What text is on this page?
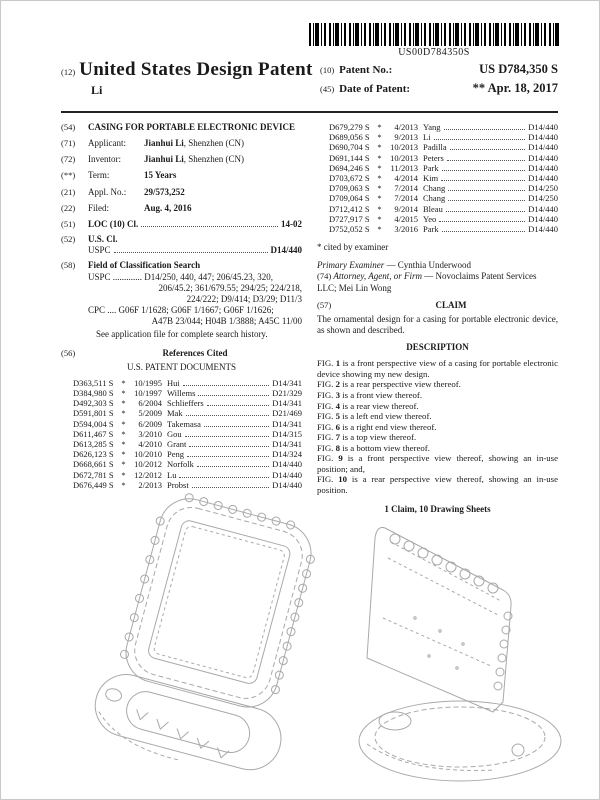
US00D784350S
(12) United States Design Patent
Li
(10) Patent No.:	US D784,350 S
(45) Date of Patent:	** Apr. 18, 2017
(54)	CASING FOR PORTABLE ELECTRONIC DEVICE
(71)	Applicant: Jianhui Li, Shenzhen (CN)
(72)	Inventor:	Jianhui Li, Shenzhen (CN)
(**)	Term:	15 Years
(21)	Appl. No.: 29/573,252
(22)	Filed:	Aug. 4, 2016
(51)	LOC (10) Cl.	14-02
(52)	U.S. Cl.
USPC	D14/440
(58)	Field of Classification Search
USPC ............. D14/250, 440, 447; 206/45.23, 320,
206/45.2; 361/679.55; 294/25; 224/218,
224/222; D9/414; D3/29; D11/3
CPC .... G06F 1/1628; G06F 1/1667; G06F 1/1626;
A47B 23/044; H04B 1/3888; A45C 11/00
See application file for complete search history.
(56)	References Cited
U.S. PATENT DOCUMENTS
D363,511 S *	10/1995 Hui	D14/341
D384,980 S *	10/1997 Willems	D21/329
D492,303 S *	6/2004 Schlieffers	D14/341
D591,801 S *	5/2009 Mak	D21/469
D594,004 S *	6/2009 Takemasa	D14/341
D611,467 S *	3/2010 Gou	D14/315
D613,285 S *	4/2010 Grant	D14/341
D626,123 S *	10/2010 Peng	D14/324
D668,661 S *	10/2012 Norfolk	D14/440
D672,781 S *	12/2012 Lu	D14/440
D676,449 S *	2/2013 Probst	D14/440
D679,279 S *	4/2013 Yang	D14/440
D689,056 S *	9/2013 Li	D14/440
D690,704 S *	10/2013 Padilla	D14/440
D691,144 S *	10/2013 Peters	D14/440
D694,246 S *	11/2013 Park	D14/440
D703,672 S *	4/2014 Kim	D14/440
D709,063 S *	7/2014 Chang	D14/250
D709,064 S *	7/2014 Chang	D14/250
D712,412 S *	9/2014 Bleau	D14/440
D727,917 S *	4/2015 Yeo	D14/440
D752,052 S *	3/2016 Park	D14/440
* cited by examiner
Primary Examiner — Cynthia Underwood
(74) Attorney, Agent, or Firm — Novoclaims Patent Services LLC; Mei Lin Wong
(57)	CLAIM
The ornamental design for a casing for portable electronic device, as shown and described.
DESCRIPTION
FIG. 1 is a front perspective view of a casing for portable electronic device showing my new design.
FIG. 2 is a rear perspective view thereof.
FIG. 3 is a front view thereof.
FIG. 4 is a rear view thereof.
FIG. 5 is a left end view thereof.
FIG. 6 is a right end view thereof.
FIG. 7 is a top view thereof.
FIG. 8 is a bottom view thereof.
FIG. 9 is a front perspective view thereof, showing an in-use position; and,
FIG. 10 is a rear perspective view thereof, showing an in-use position.
1 Claim, 10 Drawing Sheets
